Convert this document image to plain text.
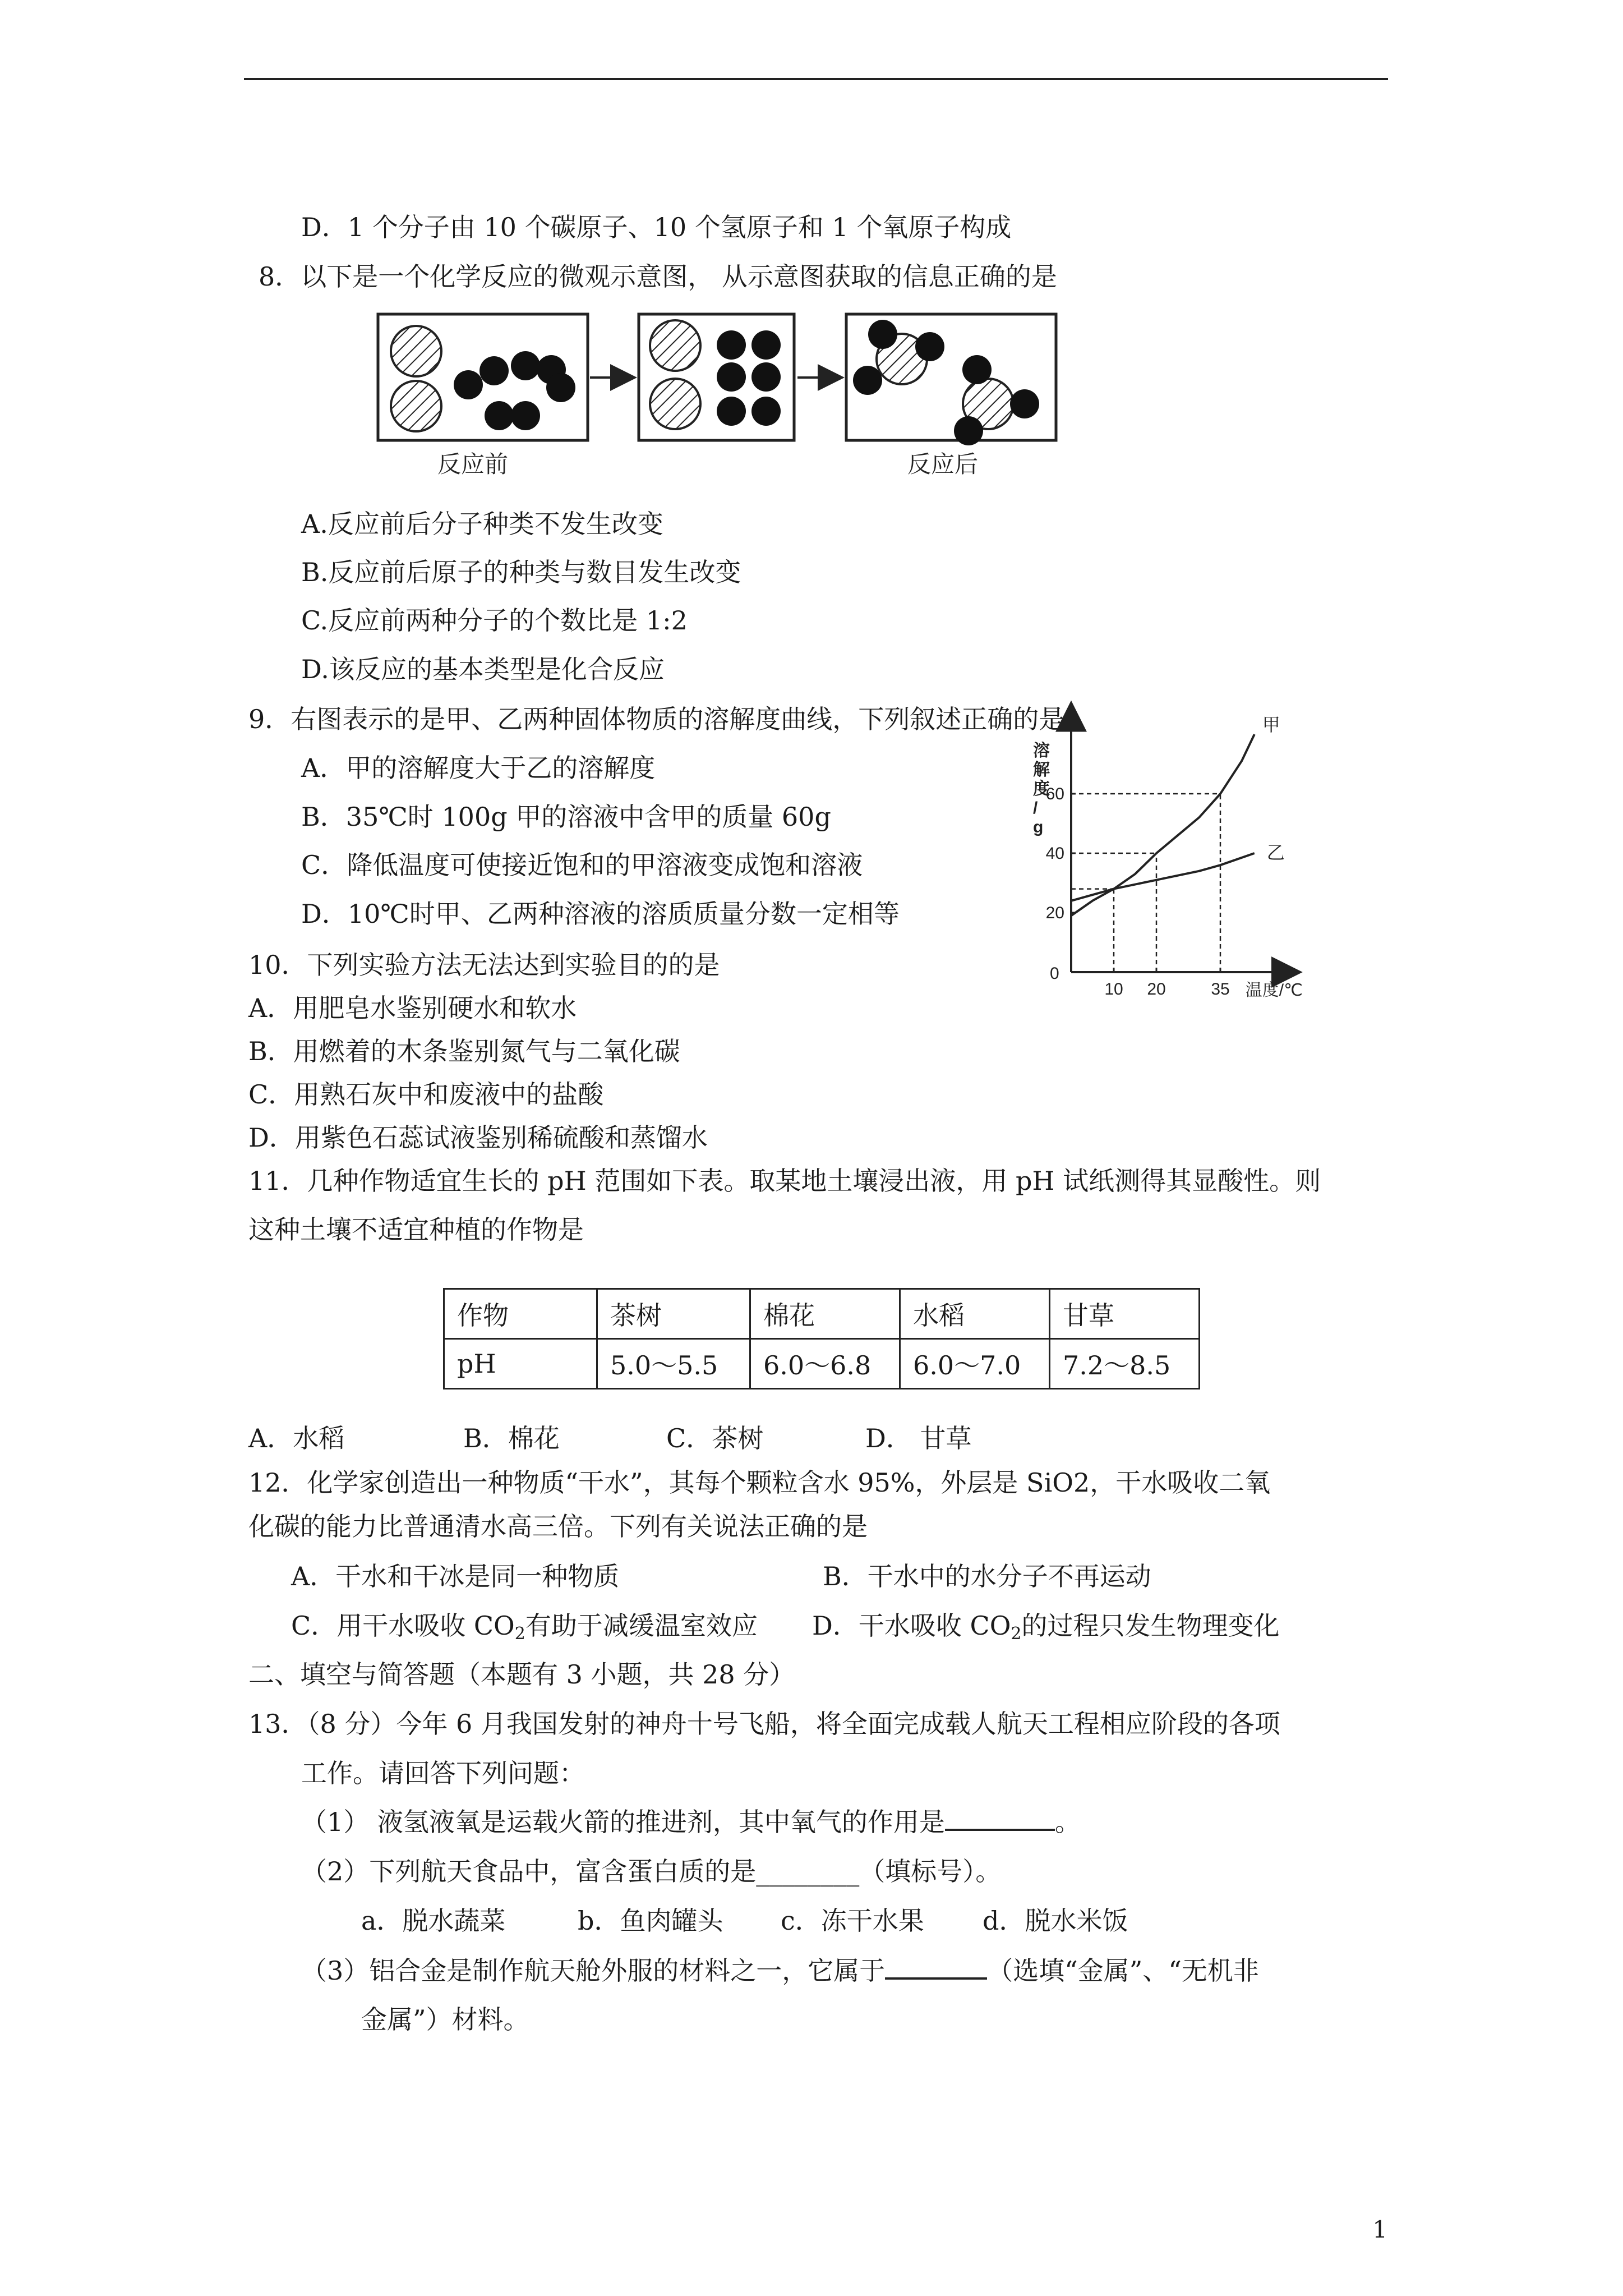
D．1 个分子由 10 个碳原子、10 个氢原子和 1 个氧原子构成
8．以下是一个化学反应的微观示意图， 从示意图获取的信息正确的是
反应前	反应后
A.反应前后分子种类不发生改变
B.反应前后原子的种类与数目发生改变
C.反应前两种分子的个数比是 1:2
D.该反应的基本类型是化合反应
9．右图表示的是甲、乙两种固体物质的溶解度曲线，下列叙述正确的是
A．甲的溶解度大于乙的溶解度
B．35℃时 100g 甲的溶液中含甲的质量 60g
C．降低温度可使接近饱和的甲溶液变成饱和溶液
D．10℃时甲、乙两种溶液的溶质质量分数一定相等
0
10 20	35
20
40
60
甲
乙
温度/℃
溶
解
度
/
g
10．下列实验方法无法达到实验目的的是
A．用肥皂水鉴别硬水和软水
B．用燃着的木条鉴别氮气与二氧化碳
C．用熟石灰中和废液中的盐酸
D．用紫色石蕊试液鉴别稀硫酸和蒸馏水
11．几种作物适宜生长的 pH 范围如下表。取某地土壤浸出液，用 pH 试纸测得其显酸性。则
这种土壤不适宜种植的作物是
作物	茶树	棉花	水稻	甘草
pH	5.0～5.5	6.0～6.8	6.0～7.0	7.2～8.5
A．水稻	B．棉花	C．茶树	D． 甘草
12．化学家创造出一种物质“干水”，其每个颗粒含水 95%，外层是 SiO2，干水吸收二氧
化碳的能力比普通清水高三倍。下列有关说法正确的是
A．干水和干冰是同一种物质	B．干水中的水分子不再运动
C．用干水吸收 $CO_2$有助于减缓温室效应 D．干水吸收 $CO_2$的过程只发生物理变化
二、填空与简答题（本题有 3 小题，共 28 分）
13．（8 分）今年 6 月我国发射的神舟十号飞船，将全面完成载人航天工程相应阶段的各项
工作。请回答下列问题：
（1） 液氢液氧是运载火箭的推进剂，其中氧气的作用是	。
（2）下列航天食品中，富含蛋白质的是________（填标号）。
a．脱水蔬菜	b．鱼肉罐头 c．冻干水果 d．脱水米饭
（3）铝合金是制作航天舱外服的材料之一，它属于	（选填“金属”、“无机非
金属”）材料。
1
